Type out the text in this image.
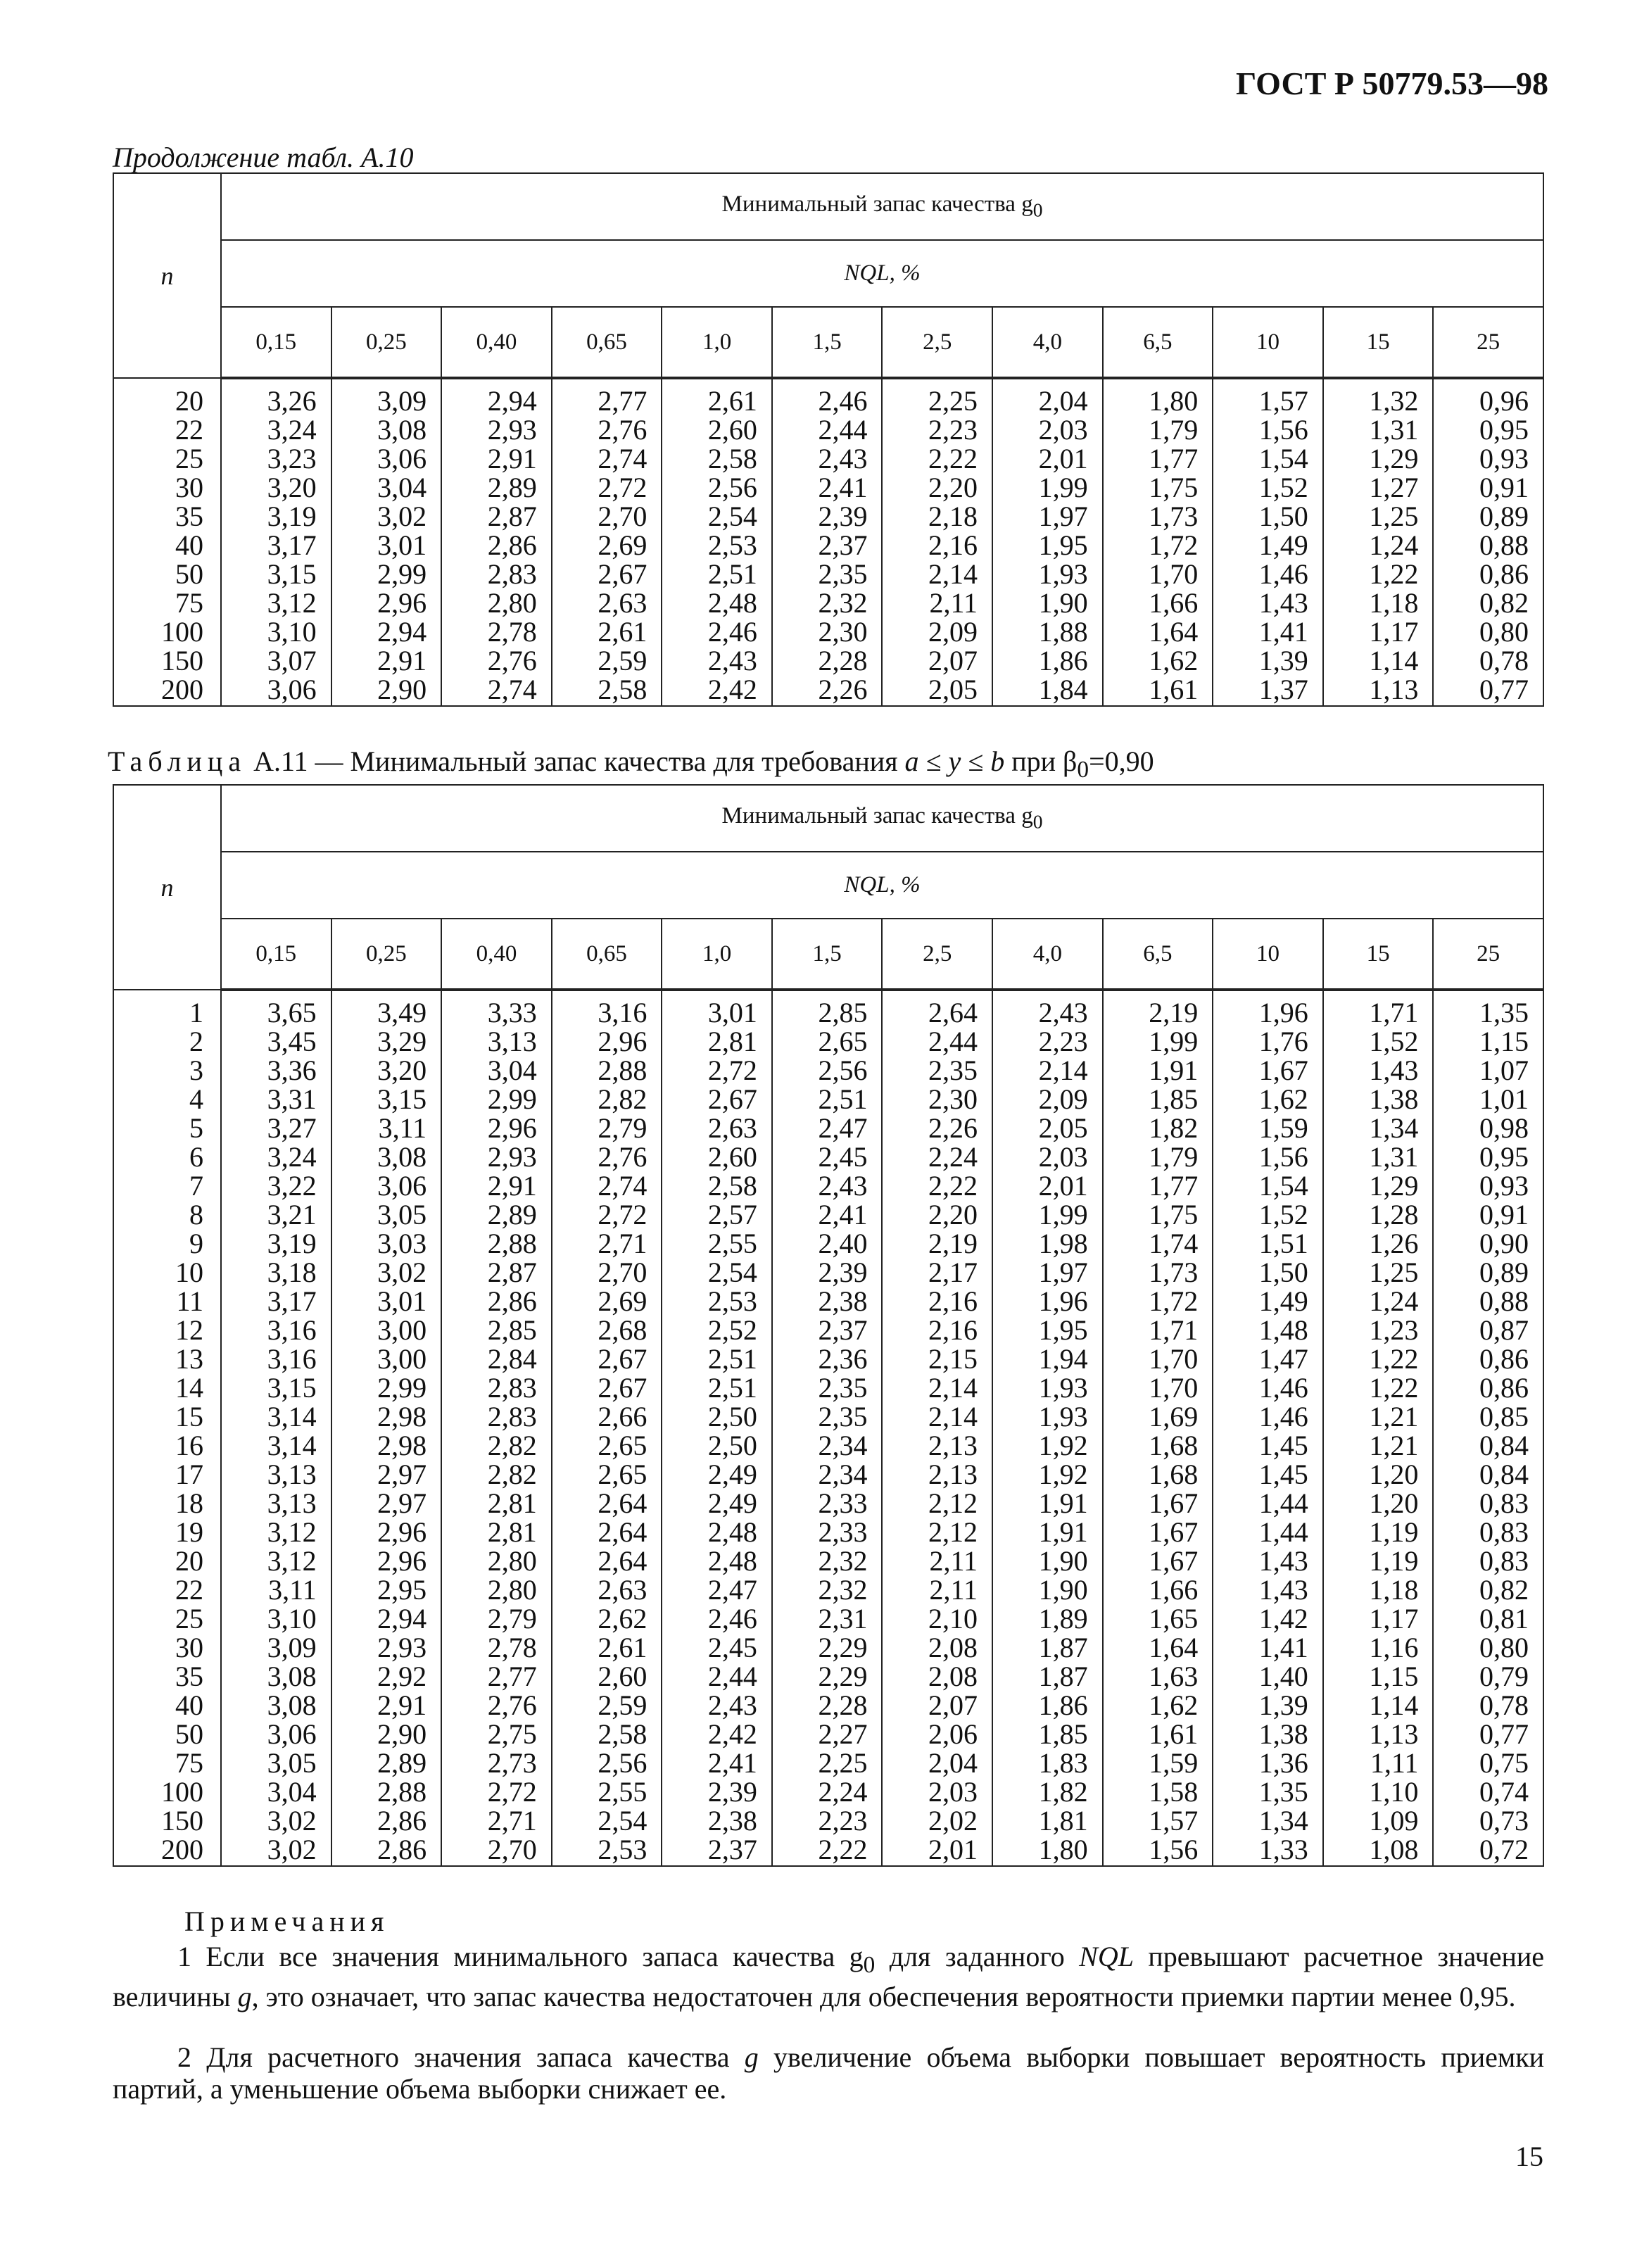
ГОСТ Р 50779.53—98
Продолжение табл. A.10
n	Минимальный запас качества $g_0$
	NQL, %											
	0,15	0,25	0,40	0,65	1,0	1,5	2,5	4,0	6,5	10	15	25
20	3,26	3,09	2,94	2,77	2,61	2,46	2,25	2,04	1,80	1,57	1,32	0,96
22	3,24	3,08	2,93	2,76	2,60	2,44	2,23	2,03	1,79	1,56	1,31	0,95
25	3,23	3,06	2,91	2,74	2,58	2,43	2,22	2,01	1,77	1,54	1,29	0,93
30	3,20	3,04	2,89	2,72	2,56	2,41	2,20	1,99	1,75	1,52	1,27	0,91
35	3,19	3,02	2,87	2,70	2,54	2,39	2,18	1,97	1,73	1,50	1,25	0,89
40	3,17	3,01	2,86	2,69	2,53	2,37	2,16	1,95	1,72	1,49	1,24	0,88
50	3,15	2,99	2,83	2,67	2,51	2,35	2,14	1,93	1,70	1,46	1,22	0,86
75	3,12	2,96	2,80	2,63	2,48	2,32	2,11	1,90	1,66	1,43	1,18	0,82
100	3,10	2,94	2,78	2,61	2,46	2,30	2,09	1,88	1,64	1,41	1,17	0,80
150	3,07	2,91	2,76	2,59	2,43	2,28	2,07	1,86	1,62	1,39	1,14	0,78
200	3,06	2,90	2,74	2,58	2,42	2,26	2,05	1,84	1,61	1,37	1,13	0,77
Таблица A.11 — Минимальный запас качества для требования a ≤ y ≤ b при $\beta_0=0,90$
n	Минимальный запас качества $g_0$
	NQL, %											
	0,15	0,25	0,40	0,65	1,0	1,5	2,5	4,0	6,5	10	15	25
1	3,65	3,49	3,33	3,16	3,01	2,85	2,64	2,43	2,19	1,96	1,71	1,35
2	3,45	3,29	3,13	2,96	2,81	2,65	2,44	2,23	1,99	1,76	1,52	1,15
3	3,36	3,20	3,04	2,88	2,72	2,56	2,35	2,14	1,91	1,67	1,43	1,07
4	3,31	3,15	2,99	2,82	2,67	2,51	2,30	2,09	1,85	1,62	1,38	1,01
5	3,27	3,11	2,96	2,79	2,63	2,47	2,26	2,05	1,82	1,59	1,34	0,98
6	3,24	3,08	2,93	2,76	2,60	2,45	2,24	2,03	1,79	1,56	1,31	0,95
7	3,22	3,06	2,91	2,74	2,58	2,43	2,22	2,01	1,77	1,54	1,29	0,93
8	3,21	3,05	2,89	2,72	2,57	2,41	2,20	1,99	1,75	1,52	1,28	0,91
9	3,19	3,03	2,88	2,71	2,55	2,40	2,19	1,98	1,74	1,51	1,26	0,90
10	3,18	3,02	2,87	2,70	2,54	2,39	2,17	1,97	1,73	1,50	1,25	0,89
11	3,17	3,01	2,86	2,69	2,53	2,38	2,16	1,96	1,72	1,49	1,24	0,88
12	3,16	3,00	2,85	2,68	2,52	2,37	2,16	1,95	1,71	1,48	1,23	0,87
13	3,16	3,00	2,84	2,67	2,51	2,36	2,15	1,94	1,70	1,47	1,22	0,86
14	3,15	2,99	2,83	2,67	2,51	2,35	2,14	1,93	1,70	1,46	1,22	0,86
15	3,14	2,98	2,83	2,66	2,50	2,35	2,14	1,93	1,69	1,46	1,21	0,85
16	3,14	2,98	2,82	2,65	2,50	2,34	2,13	1,92	1,68	1,45	1,21	0,84
17	3,13	2,97	2,82	2,65	2,49	2,34	2,13	1,92	1,68	1,45	1,20	0,84
18	3,13	2,97	2,81	2,64	2,49	2,33	2,12	1,91	1,67	1,44	1,20	0,83
19	3,12	2,96	2,81	2,64	2,48	2,33	2,12	1,91	1,67	1,44	1,19	0,83
20	3,12	2,96	2,80	2,64	2,48	2,32	2,11	1,90	1,67	1,43	1,19	0,83
22	3,11	2,95	2,80	2,63	2,47	2,32	2,11	1,90	1,66	1,43	1,18	0,82
25	3,10	2,94	2,79	2,62	2,46	2,31	2,10	1,89	1,65	1,42	1,17	0,81
30	3,09	2,93	2,78	2,61	2,45	2,29	2,08	1,87	1,64	1,41	1,16	0,80
35	3,08	2,92	2,77	2,60	2,44	2,29	2,08	1,87	1,63	1,40	1,15	0,79
40	3,08	2,91	2,76	2,59	2,43	2,28	2,07	1,86	1,62	1,39	1,14	0,78
50	3,06	2,90	2,75	2,58	2,42	2,27	2,06	1,85	1,61	1,38	1,13	0,77
75	3,05	2,89	2,73	2,56	2,41	2,25	2,04	1,83	1,59	1,36	1,11	0,75
100	3,04	2,88	2,72	2,55	2,39	2,24	2,03	1,82	1,58	1,35	1,10	0,74
150	3,02	2,86	2,71	2,54	2,38	2,23	2,02	1,81	1,57	1,34	1,09	0,73
200	3,02	2,86	2,70	2,53	2,37	2,22	2,01	1,80	1,56	1,33	1,08	0,72
Примечания
1 Если все значения минимального запаса качества $g_0$ для заданного NQL превышают расчетное значение величины g, это означает, что запас качества недостаточен для обеспечения вероятности приемки партии менее 0,95.
2 Для расчетного значения запаса качества g увеличение объема выборки повышает вероятность приемки партий, а уменьшение объема выборки снижает ее.
15
